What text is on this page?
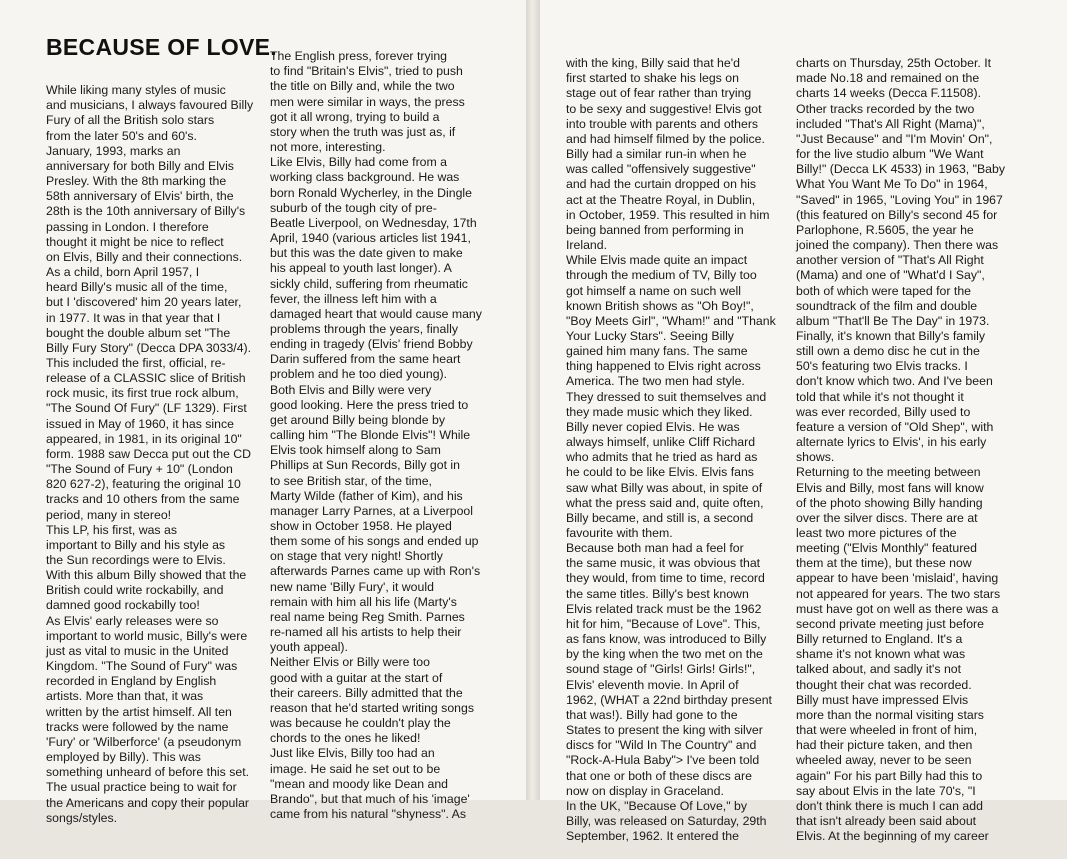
BECAUSE OF LOVE.

While liking many styles of music
and musicians, I always favoured Billy
Fury of all the British solo stars
from the later 50's and 60's.
January, 1993, marks an
anniversary for both Billy and Elvis
Presley. With the 8th marking the
58th anniversary of Elvis' birth, the
28th is the 10th anniversary of Billy's
passing in London. I therefore
thought it might be nice to reflect
on Elvis, Billy and their connections.
As a child, born April 1957, I
heard Billy's music all of the time,
but I 'discovered' him 20 years later,
in 1977. It was in that year that I
bought the double album set "The
Billy Fury Story" (Decca DPA 3033/4).
This included the first, official, re-
release of a CLASSIC slice of British
rock music, its first true rock album,
"The Sound Of Fury" (LF 1329). First
issued in May of 1960, it has since
appeared, in 1981, in its original 10"
form. 1988 saw Decca put out the CD
"The Sound of Fury + 10" (London
820 627-2), featuring the original 10
tracks and 10 others from the same
period, many in stereo!
This LP, his first, was as
important to Billy and his style as
the Sun recordings were to Elvis.
With this album Billy showed that the
British could write rockabilly, and
damned good rockabilly too!
As Elvis' early releases were so
important to world music, Billy's were
just as vital to music in the United
Kingdom. "The Sound of Fury" was
recorded in England by English
artists. More than that, it was
written by the artist himself. All ten
tracks were followed by the name
'Fury' or 'Wilberforce' (a pseudonym
employed by Billy). This was
something unheard of before this set.
The usual practice being to wait for
the Americans and copy their popular
songs/styles.

The English press, forever trying
to find "Britain's Elvis", tried to push
the title on Billy and, while the two
men were similar in ways, the press
got it all wrong, trying to build a
story when the truth was just as, if
not more, interesting.
Like Elvis, Billy had come from a
working class background. He was
born Ronald Wycherley, in the Dingle
suburb of the tough city of pre-
Beatle Liverpool, on Wednesday, 17th
April, 1940 (various articles list 1941,
but this was the date given to make
his appeal to youth last longer). A
sickly child, suffering from rheumatic
fever, the illness left him with a
damaged heart that would cause many
problems through the years, finally
ending in tragedy (Elvis' friend Bobby
Darin suffered from the same heart
problem and he too died young).
Both Elvis and Billy were very
good looking. Here the press tried to
get around Billy being blonde by
calling him "The Blonde Elvis"! While
Elvis took himself along to Sam
Phillips at Sun Records, Billy got in
to see British star, of the time,
Marty Wilde (father of Kim), and his
manager Larry Parnes, at a Liverpool
show in October 1958. He played
them some of his songs and ended up
on stage that very night! Shortly
afterwards Parnes came up with Ron's
new name 'Billy Fury', it would
remain with him all his life (Marty's
real name being Reg Smith. Parnes
re-named all his artists to help their
youth appeal).
Neither Elvis or Billy were too
good with a guitar at the start of
their careers. Billy admitted that the
reason that he'd started writing songs
was because he couldn't play the
chords to the ones he liked!
Just like Elvis, Billy too had an
image. He said he set out to be
"mean and moody like Dean and
Brando", but that much of his 'image'
came from his natural "shyness". As

with the king, Billy said that he'd
first started to shake his legs on
stage out of fear rather than trying
to be sexy and suggestive! Elvis got
into trouble with parents and others
and had himself filmed by the police.
Billy had a similar run-in when he
was called "offensively suggestive"
and had the curtain dropped on his
act at the Theatre Royal, in Dublin,
in October, 1959. This resulted in him
being banned from performing in
Ireland.
While Elvis made quite an impact
through the medium of TV, Billy too
got himself a name on such well
known British shows as "Oh Boy!",
"Boy Meets Girl", "Wham!" and "Thank
Your Lucky Stars". Seeing Billy
gained him many fans. The same
thing happened to Elvis right across
America. The two men had style.
They dressed to suit themselves and
they made music which they liked.
Billy never copied Elvis. He was
always himself, unlike Cliff Richard
who admits that he tried as hard as
he could to be like Elvis. Elvis fans
saw what Billy was about, in spite of
what the press said and, quite often,
Billy became, and still is, a second
favourite with them.
Because both man had a feel for
the same music, it was obvious that
they would, from time to time, record
the same titles. Billy's best known
Elvis related track must be the 1962
hit for him, "Because of Love". This,
as fans know, was introduced to Billy
by the king when the two met on the
sound stage of "Girls! Girls! Girls!",
Elvis' eleventh movie. In April of
1962, (WHAT a 22nd birthday present
that was!). Billy had gone to the
States to present the king with silver
discs for "Wild In The Country" and
"Rock-A-Hula Baby"> I've been told
that one or both of these discs are
now on display in Graceland.
In the UK, "Because Of Love," by
Billy, was released on Saturday, 29th
September, 1962. It entered the

charts on Thursday, 25th October. It
made No.18 and remained on the
charts 14 weeks (Decca F.11508).
Other tracks recorded by the two
included "That's All Right (Mama)",
"Just Because" and "I'm Movin' On",
for the live studio album "We Want
Billy!" (Decca LK 4533) in 1963, "Baby
What You Want Me To Do" in 1964,
"Saved" in 1965, "Loving You" in 1967
(this featured on Billy's second 45 for
Parlophone, R.5605, the year he
joined the company). Then there was
another version of "That's All Right
(Mama) and one of "What'd I Say",
both of which were taped for the
soundtrack of the film and double
album "That'll Be The Day" in 1973.
Finally, it's known that Billy's family
still own a demo disc he cut in the
50's featuring two Elvis tracks. I
don't know which two. And I've been
told that while it's not thought it
was ever recorded, Billy used to
feature a version of "Old Shep", with
alternate lyrics to Elvis', in his early
shows.
Returning to the meeting between
Elvis and Billy, most fans will know
of the photo showing Billy handing
over the silver discs. There are at
least two more pictures of the
meeting ("Elvis Monthly" featured
them at the time), but these now
appear to have been 'mislaid', having
not appeared for years. The two stars
must have got on well as there was a
second private meeting just before
Billy returned to England. It's a
shame it's not known what was
talked about, and sadly it's not
thought their chat was recorded.
Billy must have impressed Elvis
more than the normal visiting stars
that were wheeled in front of him,
had their picture taken, and then
wheeled away, never to be seen
again" For his part Billy had this to
say about Elvis in the late 70's, "I
don't think there is much I can add
that isn't already been said about
Elvis. At the beginning of my career
